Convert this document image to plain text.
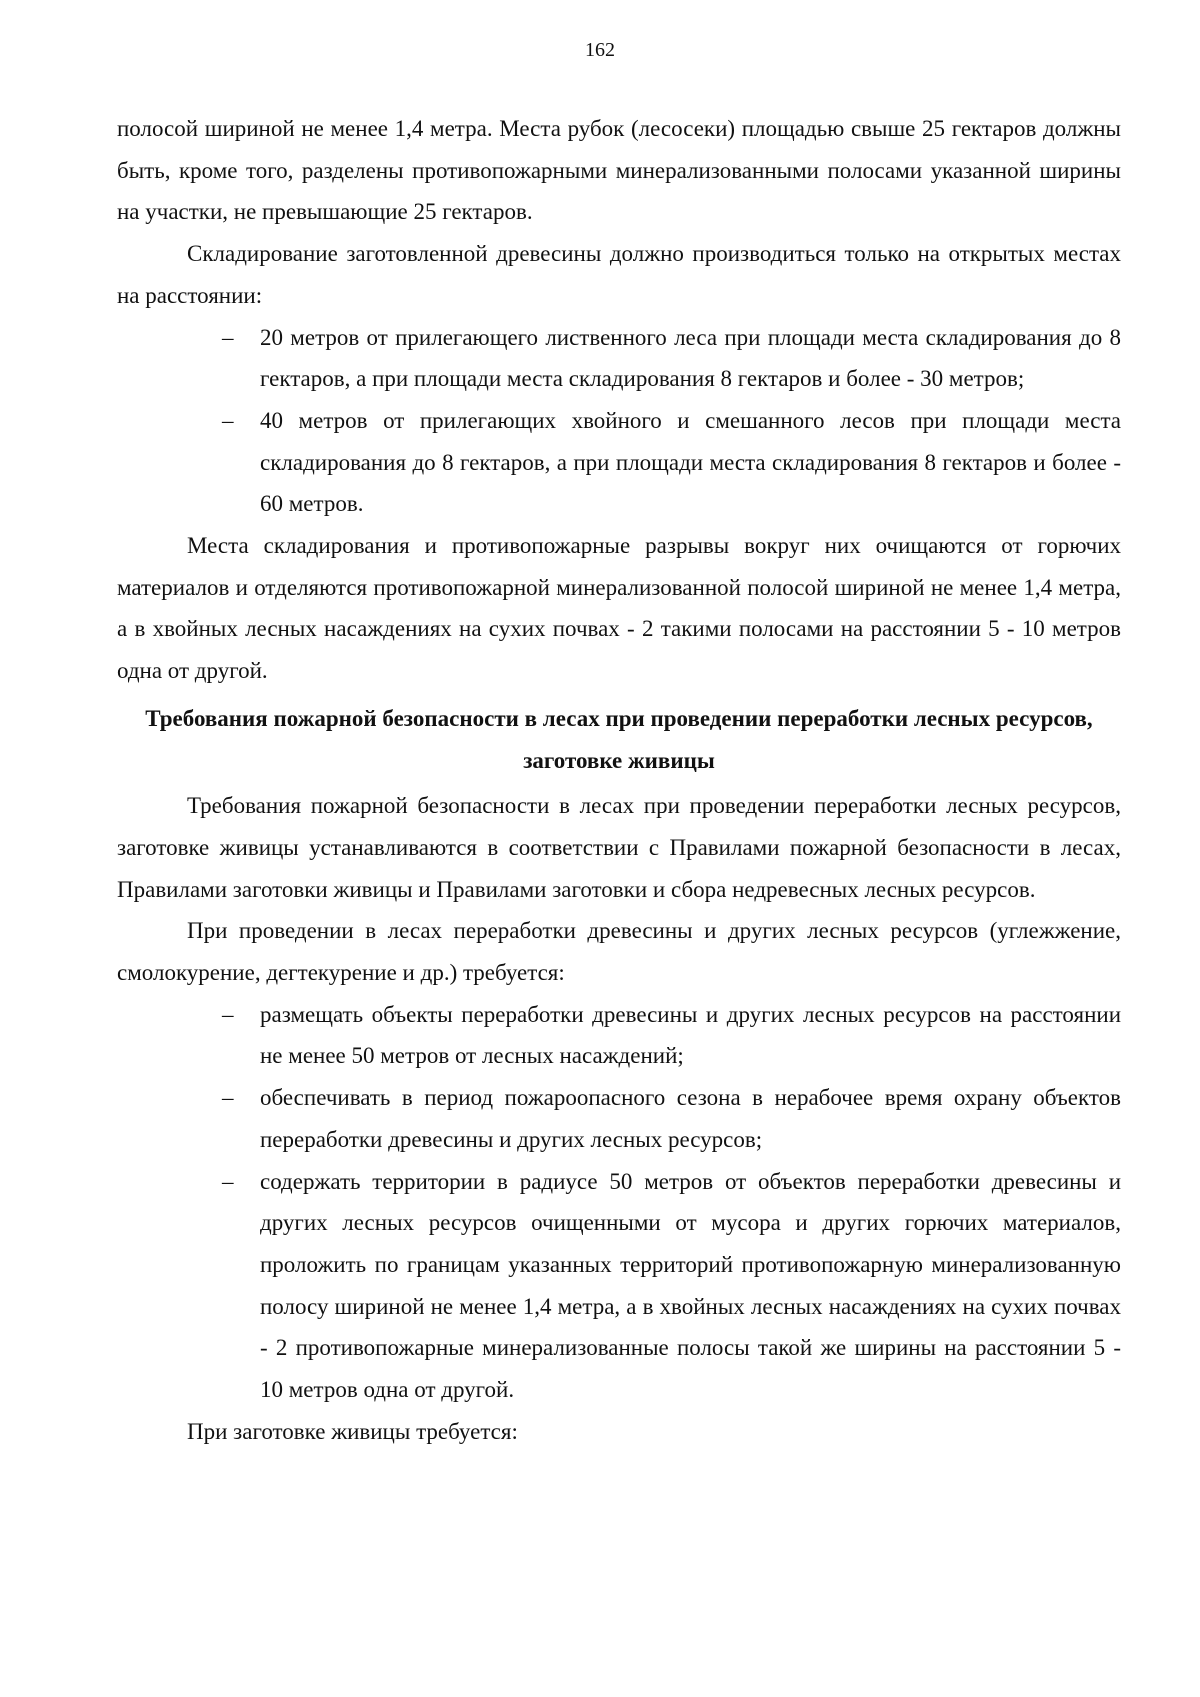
162

полосой шириной не менее 1,4 метра. Места рубок (лесосеки) площадью свыше 25 гектаров должны быть, кроме того, разделены противопожарными минерализованными полосами указанной ширины на участки, не превышающие 25 гектаров.

Складирование заготовленной древесины должно производиться только на открытых местах на расстоянии:

– 20 метров от прилегающего лиственного леса при площади места складирования до 8 гектаров, а при площади места складирования 8 гектаров и более - 30 метров;
– 40 метров от прилегающих хвойного и смешанного лесов при площади места складирования до 8 гектаров, а при площади места складирования 8 гектаров и более - 60 метров.

Места складирования и противопожарные разрывы вокруг них очищаются от горючих материалов и отделяются противопожарной минерализованной полосой шириной не менее 1,4 метра, а в хвойных лесных насаждениях на сухих почвах - 2 такими полосами на расстоянии 5 - 10 метров одна от другой.

Требования пожарной безопасности в лесах при проведении переработки лесных ресурсов, заготовке живицы

Требования пожарной безопасности в лесах при проведении переработки лесных ресурсов, заготовке живицы устанавливаются в соответствии с Правилами пожарной безопасности в лесах, Правилами заготовки живицы и Правилами заготовки и сбора недревесных лесных ресурсов.

При проведении в лесах переработки древесины и других лесных ресурсов (углежжение, смолокурение, дегтекурение и др.) требуется:

– размещать объекты переработки древесины и других лесных ресурсов на расстоянии не менее 50 метров от лесных насаждений;
– обеспечивать в период пожароопасного сезона в нерабочее время охрану объектов переработки древесины и других лесных ресурсов;
– содержать территории в радиусе 50 метров от объектов переработки древесины и других лесных ресурсов очищенными от мусора и других горючих материалов, проложить по границам указанных территорий противопожарную минерализованную полосу шириной не менее 1,4 метра, а в хвойных лесных насаждениях на сухих почвах - 2 противопожарные минерализованные полосы такой же ширины на расстоянии 5 - 10 метров одна от другой.

При заготовке живицы требуется:
